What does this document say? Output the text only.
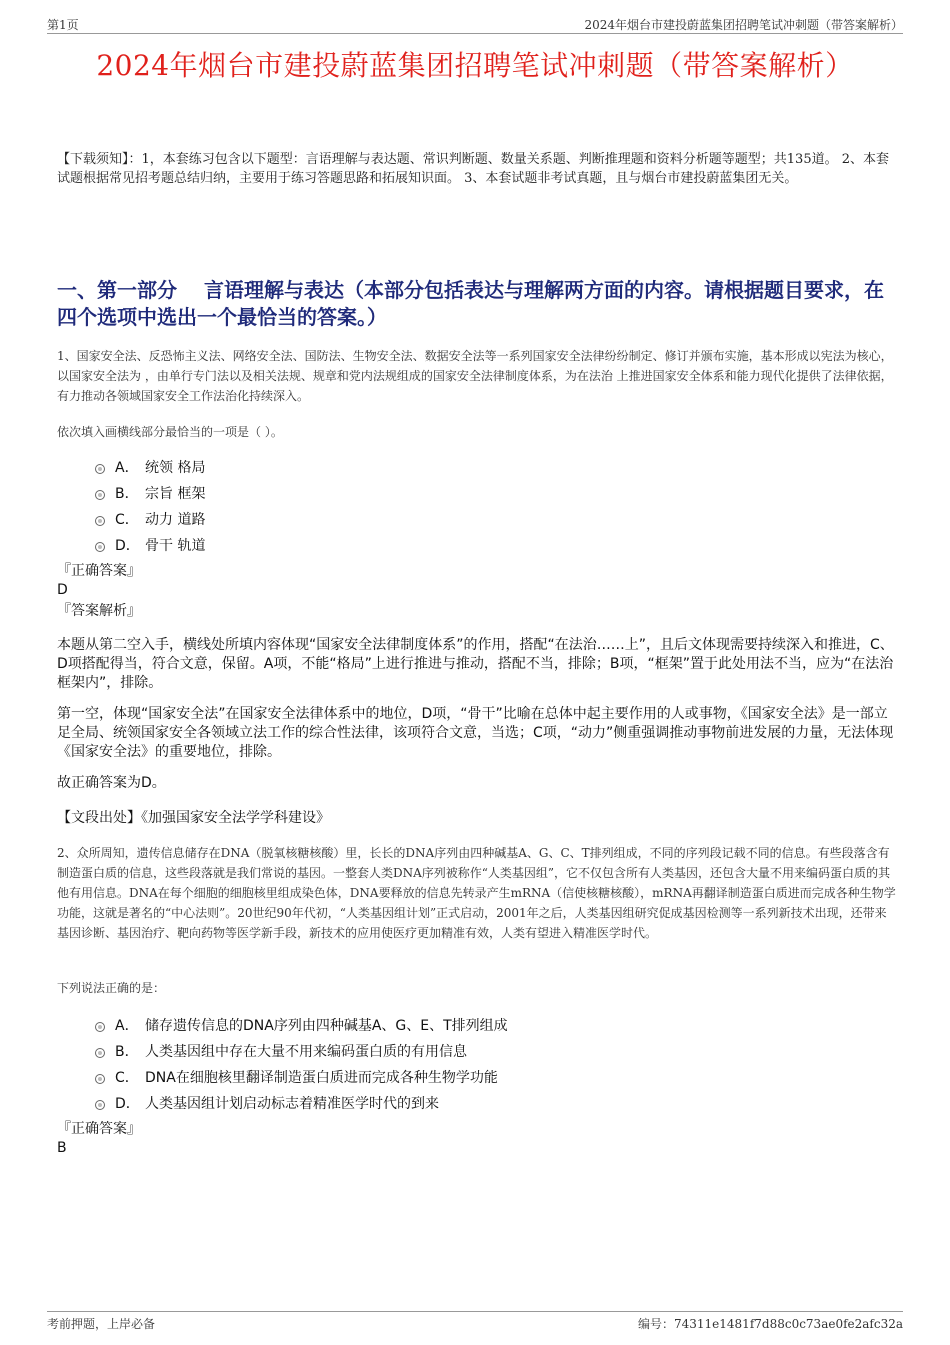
第1页	2024年烟台市建投蔚蓝集团招聘笔试冲刺题（带答案解析）
2024年烟台市建投蔚蓝集团招聘笔试冲刺题（带答案解析）

【下载须知】：1，本套练习包含以下题型：言语理解与表达题、常识判断题、数量关系题、判断推理题和资料分析题等题型；共135道。 2、本套试题根据常见招考题总结归纳，主要用于练习答题思路和拓展知识面。 3、本套试题非考试真题，且与烟台市建投蔚蓝集团无关。

一、第一部分　 言语理解与表达（本部分包括表达与理解两方面的内容。请根据题目要求，在四个选项中选出一个最恰当的答案。）

1、国家安全法、反恐怖主义法、网络安全法、国防法、生物安全法、数据安全法等一系列国家安全法律纷纷制定、修订并颁布实施，基本形成以宪法为核心，以国家安全法为 ，由单行专门法以及相关法规、规章和党内法规组成的国家安全法律制度体系，为在法治 上推进国家安全体系和能力现代化提供了法律依据，有力推动各领域国家安全工作法治化持续深入。

依次填入画横线部分最恰当的一项是（ ）。

A． 统领 格局
B． 宗旨 框架
C． 动力 道路
D． 骨干 轨道
『正确答案』
D
『答案解析』

本题从第二空入手，横线处所填内容体现“国家安全法律制度体系”的作用，搭配“在法治……上”，且后文体现需要持续深入和推进，C、D项搭配得当，符合文意，保留。A项，不能“格局”上进行推进与推动，搭配不当，排除；B项，“框架”置于此处用法不当，应为“在法治框架内”，排除。

第一空，体现“国家安全法”在国家安全法律体系中的地位，D项，“骨干”比喻在总体中起主要作用的人或事物，《国家安全法》是一部立足全局、统领国家安全各领域立法工作的综合性法律，该项符合文意，当选；C项，“动力”侧重强调推动事物前进发展的力量，无法体现《国家安全法》的重要地位，排除。

故正确答案为D。

【文段出处】《加强国家安全法学学科建设》

2、众所周知，遗传信息储存在DNA（脱氧核糖核酸）里，长长的DNA序列由四种碱基A、G、C、T排列组成，不同的序列段记载不同的信息。有些段落含有制造蛋白质的信息，这些段落就是我们常说的基因。一整套人类DNA序列被称作“人类基因组”，它不仅包含所有人类基因，还包含大量不用来编码蛋白质的其他有用信息。DNA在每个细胞的细胞核里组成染色体，DNA要释放的信息先转录产生mRNA（信使核糖核酸），mRNA再翻译制造蛋白质进而完成各种生物学功能，这就是著名的“中心法则”。20世纪90年代初，“人类基因组计划”正式启动，2001年之后，人类基因组研究促成基因检测等一系列新技术出现，还带来基因诊断、基因治疗、靶向药物等医学新手段，新技术的应用使医疗更加精准有效，人类有望进入精准医学时代。

下列说法正确的是：

A． 储存遗传信息的DNA序列由四种碱基A、G、E、T排列组成
B． 人类基因组中存在大量不用来编码蛋白质的有用信息
C． DNA在细胞核里翻译制造蛋白质进而完成各种生物学功能
D． 人类基因组计划启动标志着精准医学时代的到来
『正确答案』
B
考前押题，上岸必备	编号：74311e1481f7d88c0c73ae0fe2afc32a
